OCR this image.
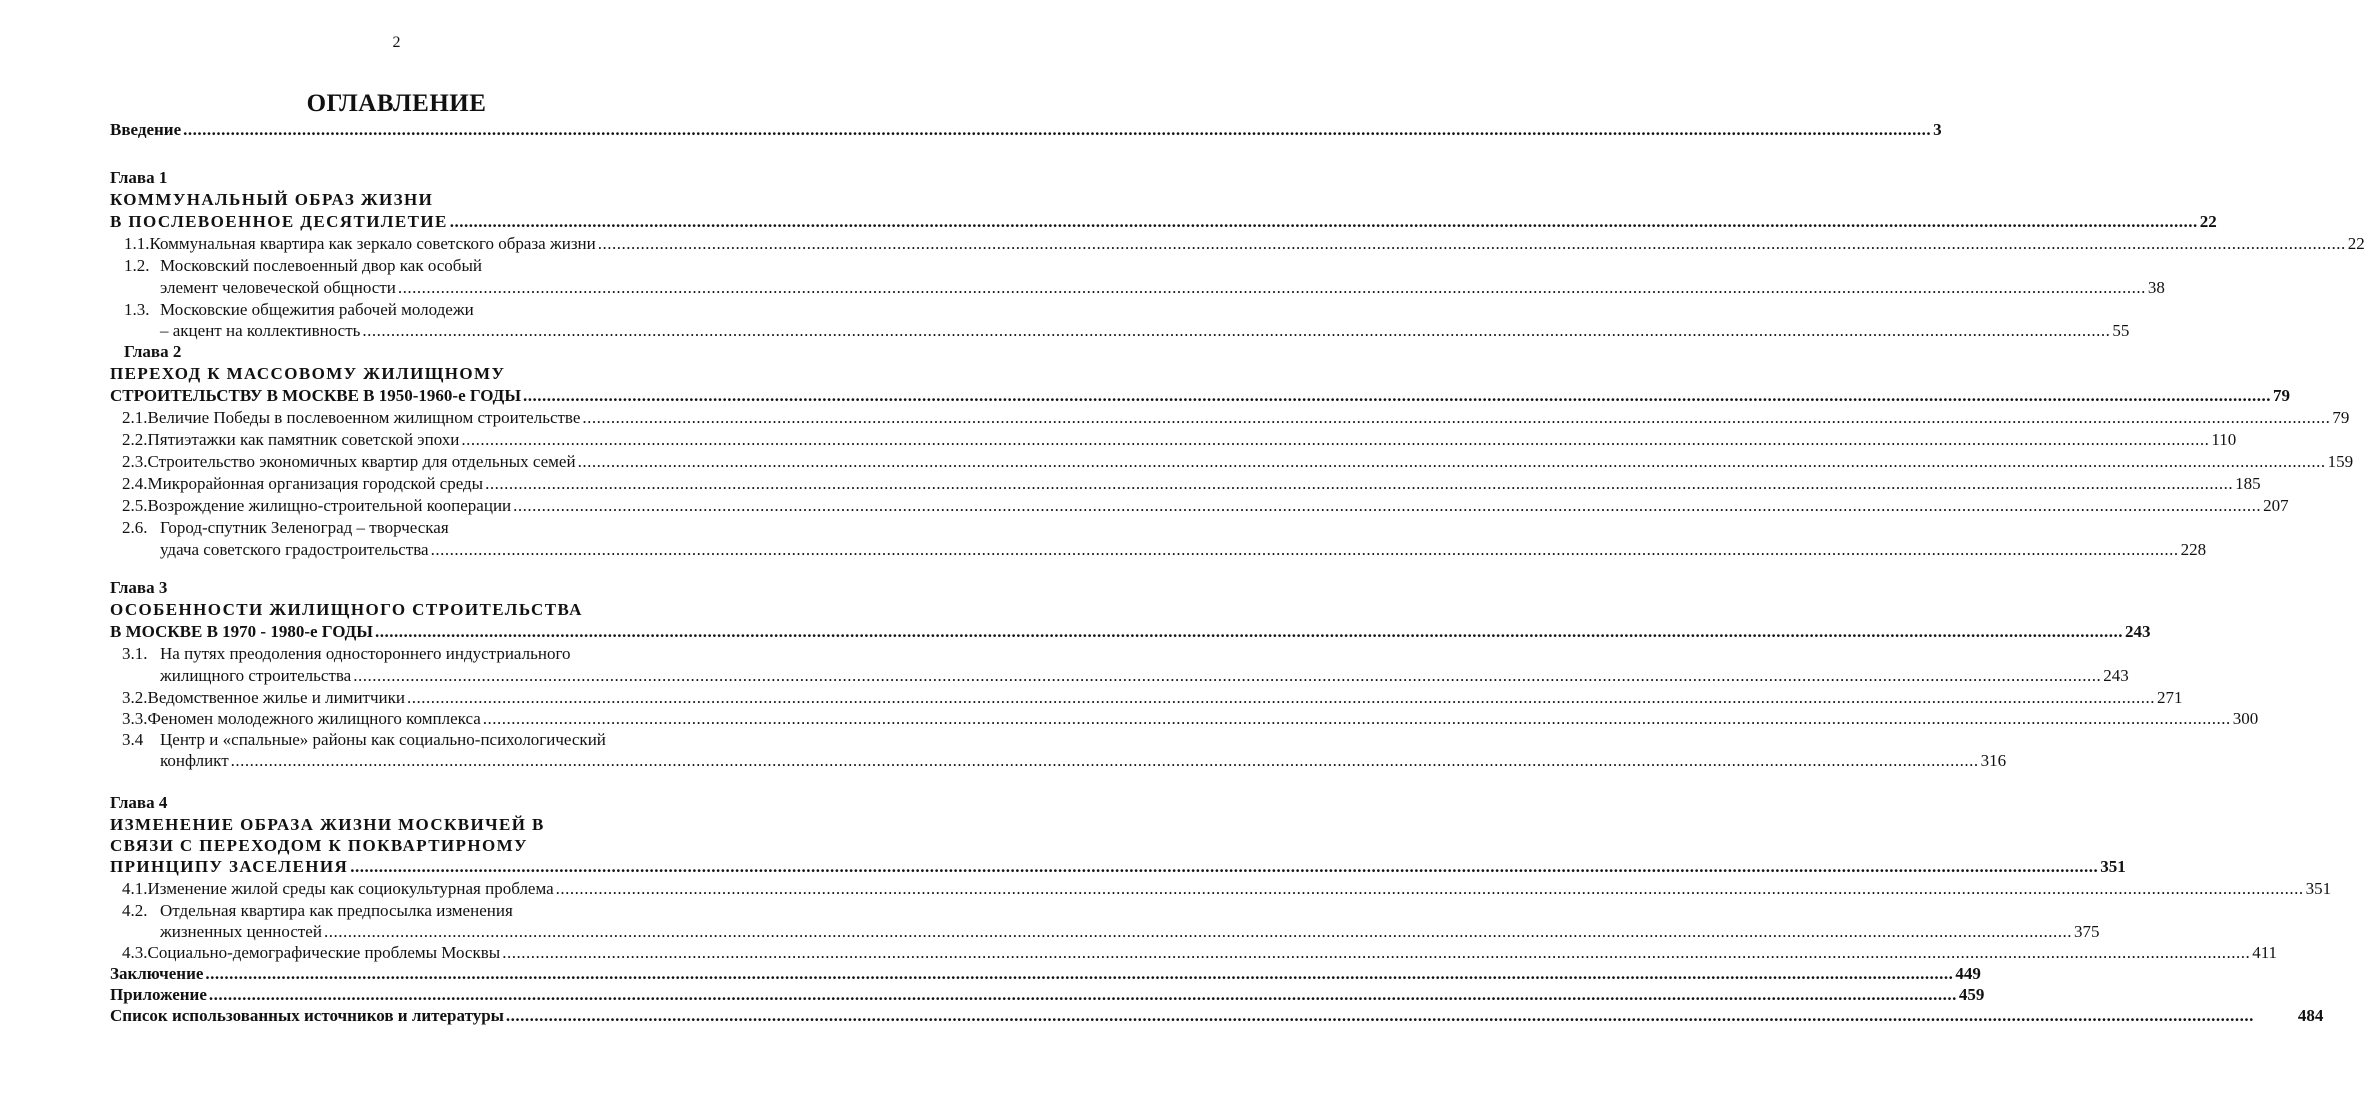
2
ОГЛАВЛЕНИЕ
Введение .....	3
Глава 1
КОММУНАЛЬНЫЙ ОБРАЗ ЖИЗНИ
В ПОСЛЕВОЕННОЕ ДЕСЯТИЛЕТИЕ .....	22
1.1. Коммунальная квартира как зеркало советского образа жизни .....	22
1.2. Московский послевоенный двор как особый
элемент человеческой общности .....	38
1.3. Московские общежития рабочей молодежи
– акцент на коллективность .....	55
Глава 2
ПЕРЕХОД К МАССОВОМУ ЖИЛИЩНОМУ
СТРОИТЕЛЬСТВУ В МОСКВЕ В 1950-1960-е ГОДЫ .....	79
2.1. Величие Победы в послевоенном жилищном строительстве .....	79
2.2. Пятиэтажки как памятник советской эпохи .....	110
2.3. Строительство экономичных квартир для отдельных семей .....	159
2.4. Микрорайонная организация городской среды .....	185
2.5. Возрождение жилищно-строительной кооперации .....	207
2.6. Город-спутник Зеленоград – творческая
удача советского градостроительства .....	228
Глава 3
ОСОБЕННОСТИ ЖИЛИЩНОГО СТРОИТЕЛЬСТВА
В МОСКВЕ В 1970 - 1980-е ГОДЫ .....	243
3.1. На путях преодоления одностороннего индустриального
жилищного строительства .....	243
3.2. Ведомственное жилье и лимитчики .....	271
3.3. Феномен молодежного жилищного комплекса .....	300
3.4 Центр и «спальные» районы как социально-психологический
конфликт .....	316
Глава 4
ИЗМЕНЕНИЕ ОБРАЗА ЖИЗНИ МОСКВИЧЕЙ В
СВЯЗИ С ПЕРЕХОДОМ К ПОКВАРТИРНОМУ
ПРИНЦИПУ ЗАСЕЛЕНИЯ .....	351
4.1. Изменение жилой среды как социокультурная проблема .....	351
4.2. Отдельная квартира как предпосылка изменения
жизненных ценностей .....	375
4.3. Социально-демографические проблемы Москвы .....	411
Заключение .....	449
Приложение .....	459
Список использованных источников и литературы .....	484
